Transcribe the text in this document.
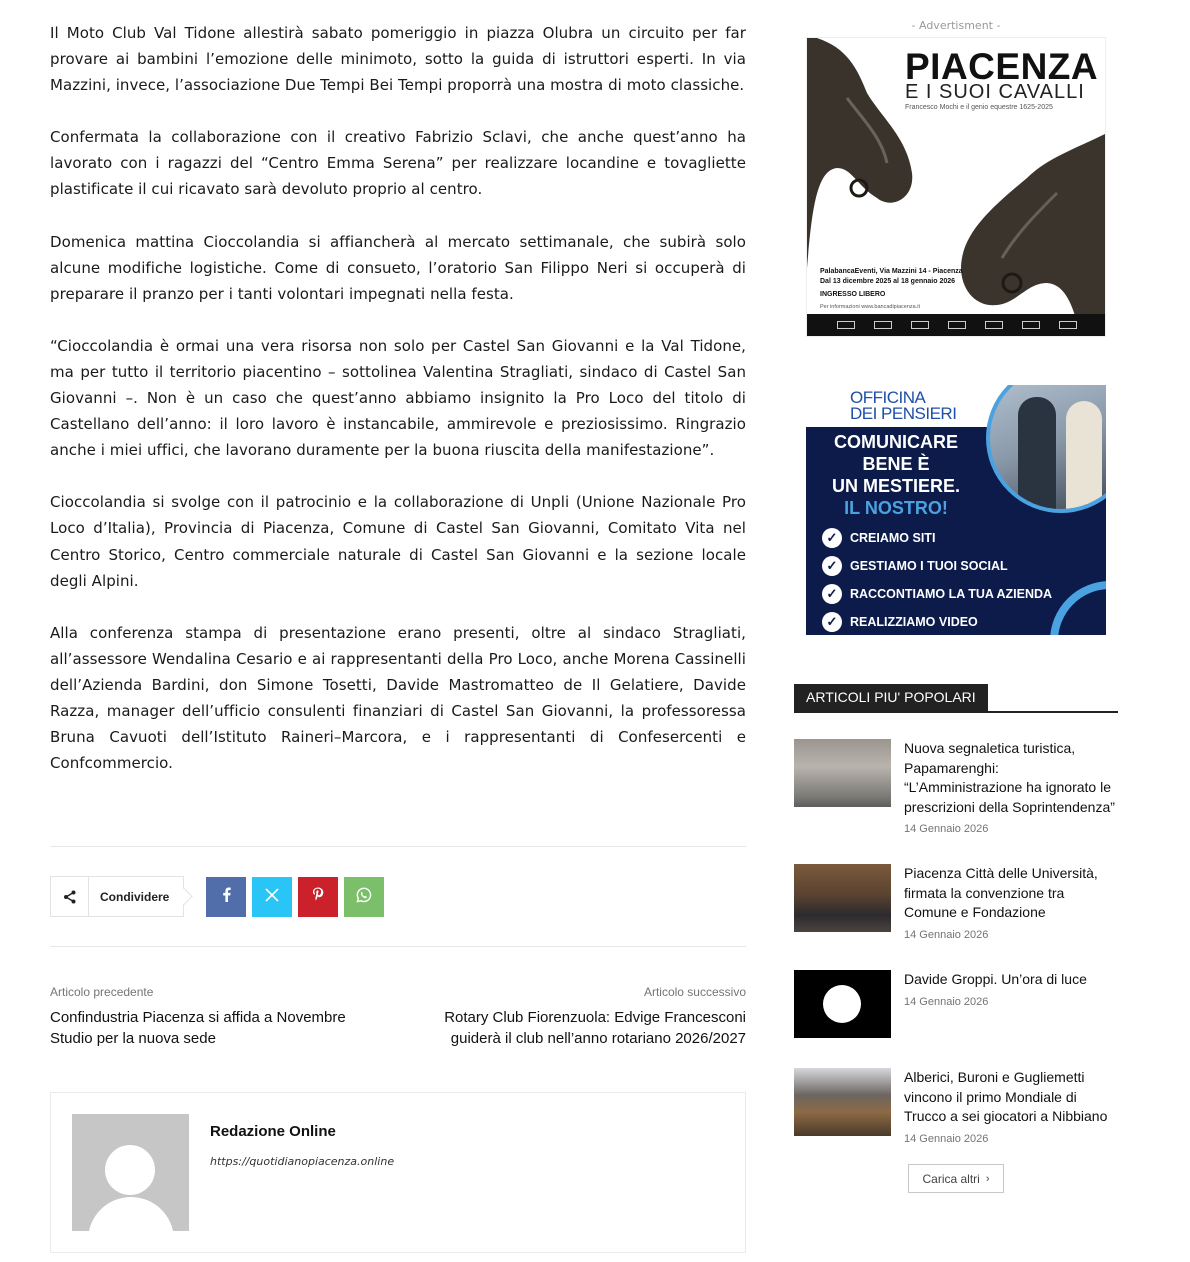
Il Moto Club Val Tidone allestirà sabato pomeriggio in piazza Olubra un circuito per far provare ai bambini l’emozione delle minimoto, sotto la guida di istruttori esperti. In via Mazzini, invece, l’associazione Due Tempi Bei Tempi proporrà una mostra di moto classiche.

Confermata la collaborazione con il creativo Fabrizio Sclavi, che anche quest’anno ha lavorato con i ragazzi del “Centro Emma Serena” per realizzare locandine e tovagliette plastificate il cui ricavato sarà devoluto proprio al centro.

Domenica mattina Cioccolandia si affiancherà al mercato settimanale, che subirà solo alcune modifiche logistiche. Come di consueto, l’oratorio San Filippo Neri si occuperà di preparare il pranzo per i tanti volontari impegnati nella festa.

“Cioccolandia è ormai una vera risorsa non solo per Castel San Giovanni e la Val Tidone, ma per tutto il territorio piacentino – sottolinea Valentina Stragliati, sindaco di Castel San Giovanni –. Non è un caso che quest’anno abbiamo insignito la Pro Loco del titolo di Castellano dell’anno: il loro lavoro è instancabile, ammirevole e preziosissimo. Ringrazio anche i miei uffici, che lavorano duramente per la buona riuscita della manifestazione”.

Cioccolandia si svolge con il patrocinio e la collaborazione di Unpli (Unione Nazionale Pro Loco d’Italia), Provincia di Piacenza, Comune di Castel San Giovanni, Comitato Vita nel Centro Storico, Centro commerciale naturale di Castel San Giovanni e la sezione locale degli Alpini.

Alla conferenza stampa di presentazione erano presenti, oltre al sindaco Stragliati, all’assessore Wendalina Cesario e ai rappresentanti della Pro Loco, anche Morena Cassinelli dell’Azienda Bardini, don Simone Tosetti, Davide Mastromatteo de Il Gelatiere, Davide Razza, manager dell’ufficio consulenti finanziari di Castel San Giovanni, la professoressa Bruna Cavuoti dell’Istituto Raineri–Marcora, e i rappresentanti di Confesercenti e Confcommercio.

Condividere
Articolo precedente
Confindustria Piacenza si affida a Novembre Studio per la nuova sede
Articolo successivo
Rotary Club Fiorenzuola: Edvige Francesconi guiderà il club nell’anno rotariano 2026/2027
Redazione Online
https://quotidianopiacenza.online
- Advertisment -
PIACENZA
E I SUOI CAVALLI
Francesco Mochi e il genio equestre 1625-2025
PalabancaEventi, Via Mazzini 14 - Piacenza
Dal 13 dicembre 2025 al 18 gennaio 2026
INGRESSO LIBERO
Per informazioni www.bancadipiacenza.it
OFFICINA
DEI PENSIERI
COMUNICARE
BENE È
UN MESTIERE.
IL NOSTRO!
✓	CREIAMO SITI
✓	GESTIAMO I TUOI SOCIAL
✓	RACCONTIAMO LA TUA AZIENDA
✓	REALIZZIAMO VIDEO
ARTICOLI PIU' POPOLARI
Nuova segnaletica turistica, Papamarenghi: “L’Amministrazione ha ignorato le prescrizioni della Soprintendenza”
14 Gennaio 2026
Piacenza Città delle Università, firmata la convenzione tra Comune e Fondazione
14 Gennaio 2026
Davide Groppi. Un’ora di luce
14 Gennaio 2026
Alberici, Buroni e Gugliemetti vincono il primo Mondiale di Trucco a sei giocatori a Nibbiano
14 Gennaio 2026
Carica altri ›
